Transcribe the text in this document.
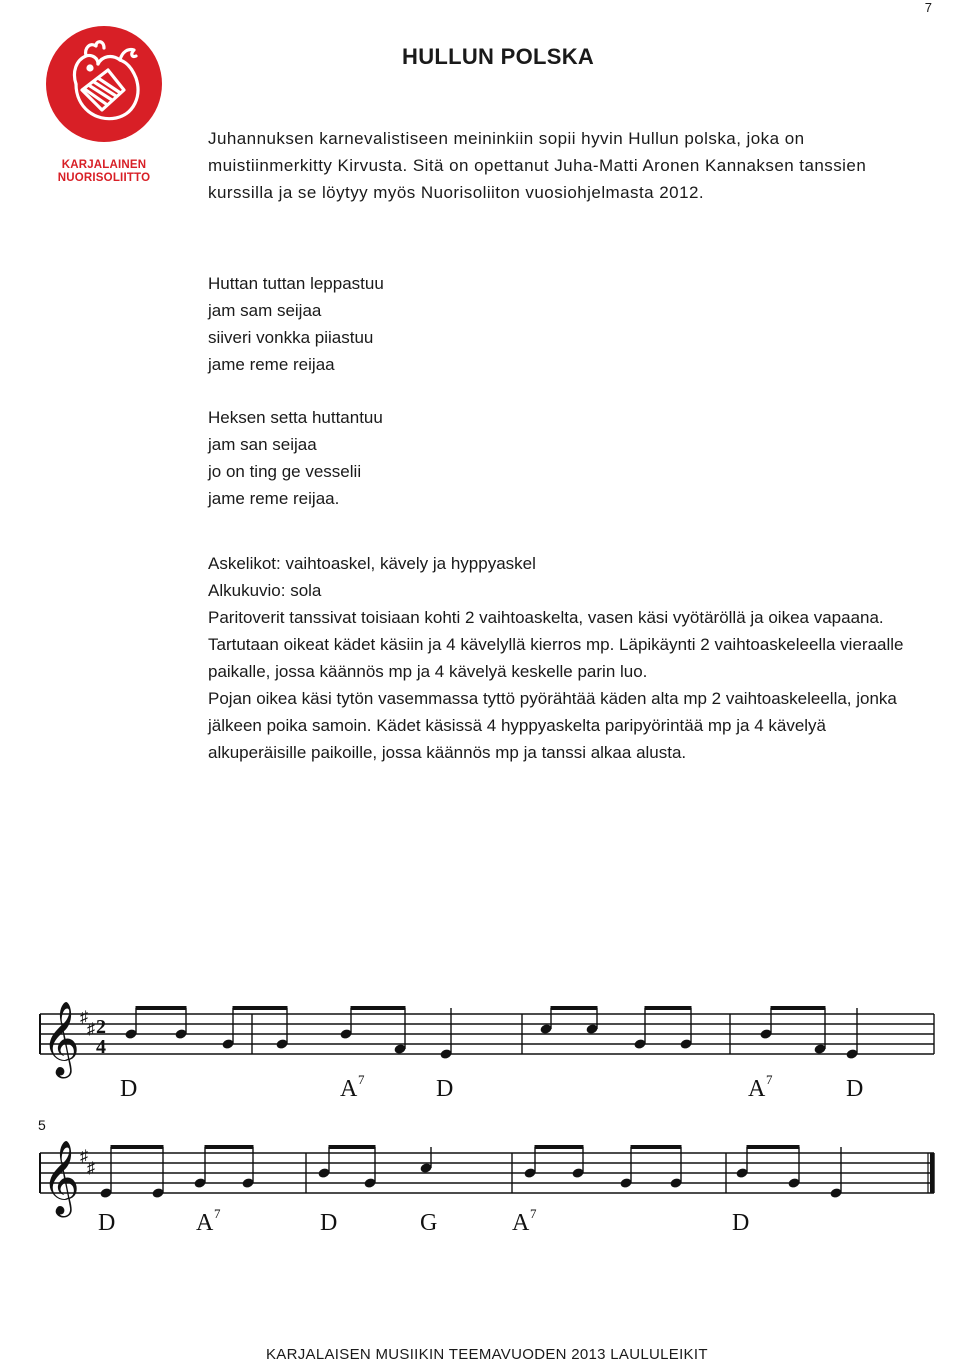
7
KARJALAINEN
NUORISOLIITTO
HULLUN POLSKA

Juhannuksen karnevalistiseen meininkiin sopii hyvin Hullun polska, joka on muistiinmerkitty Kirvusta. Sitä on opettanut Juha-Matti Aronen Kannaksen tanssien kurssilla ja se löytyy myös Nuorisoliiton vuosiohjelmasta 2012.

Huttan tuttan leppastuu
jam sam seijaa
siiveri vonkka piiastuu
jame reme reijaa
Heksen setta huttantuu
jam san seijaa
jo on ting ge vesselii
jame reme reijaa.
Askelikot: vaihtoaskel, kävely ja hyppyaskel
Alkukuvio: sola

Paritoverit tanssivat toisiaan kohti 2 vaihtoaskelta, vasen käsi vyötäröllä ja oikea vapaana. Tartutaan oikeat kädet käsiin ja 4 kävelyllä kierros mp. Läpikäynti 2 vaihtoaskeleella vieraalle paikalle, jossa käännös mp ja 4 kävelyä keskelle parin luo.

Pojan oikea käsi tytön vasemmassa tyttö pyörähtää käden alta mp 2 vaihtoaskeleella, jonka jälkeen poika samoin. Kädet käsissä 4 hyppyaskelta paripyörintää mp ja 4 kävelyä alkuperäisille paikoille, jossa käännös mp ja tanssi alkaa alusta.

𝄞 ♯
♯ 2
4
D	A 7	D	A 7	D
5
𝄞 ♯
♯
D	A 7	D	G	A 7	D
KARJALAISEN MUSIIKIN TEEMAVUODEN 2013 LAULULEIKIT
